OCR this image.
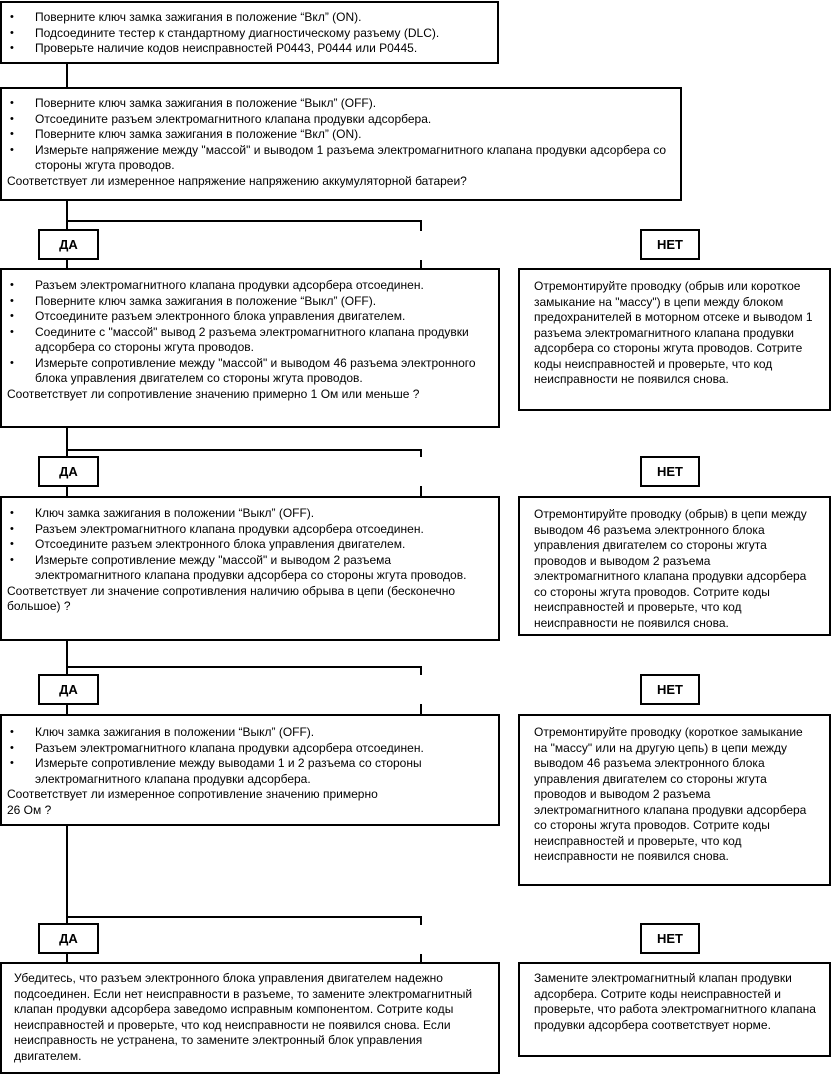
• Поверните ключ замка зажигания в положение “Вкл” (ON).
• Подсоедините тестер к стандартному диагностическому разъему (DLC).
• Проверьте наличие кодов неисправностей P0443, P0444 или P0445.
• Поверните ключ замка зажигания в положение “Выкл” (OFF).
• Отсоедините разъем электромагнитного клапана продувки адсорбера.
• Поверните ключ замка зажигания в положение “Вкл” (ON).
• Измерьте напряжение между "массой" и выводом 1 разъема электромагнитного клапана продувки адсорбера со стороны жгута проводов.
Соответствует ли измеренное напряжение напряжению аккумуляторной батареи?
ДА	НЕТ
• Разъем электромагнитного клапана продувки адсорбера отсоединен.
• Поверните ключ замка зажигания в положение “Выкл” (OFF).
• Отсоедините разъем электронного блока управления двигателем.
• Соедините с "массой" вывод 2 разъема электромагнитного клапана продувки адсорбера со стороны жгута проводов.
• Измерьте сопротивление между "массой" и выводом 46 разъема электронного блока управления двигателем со стороны жгута проводов.
Соответствует ли сопротивление значению примерно 1 Ом или меньше ?
Отремонтируйте проводку (обрыв или короткое замыкание на "массу") в цепи между блоком предохранителей в моторном отсеке и выводом 1 разъема электромагнитного клапана продувки адсорбера со стороны жгута проводов. Сотрите коды неисправностей и проверьте, что код неисправности не появился снова.
ДА	НЕТ
• Ключ замка зажигания в положении “Выкл” (OFF).
• Разъем электромагнитного клапана продувки адсорбера отсоединен.
• Отсоедините разъем электронного блока управления двигателем.
• Измерьте сопротивление между "массой" и выводом 2 разъема электромагнитного клапана продувки адсорбера со стороны жгута проводов.
Соответствует ли значение сопротивления наличию обрыва в цепи (бесконечно большое) ?
Отремонтируйте проводку (обрыв) в цепи между выводом 46 разъема электронного блока управления двигателем со стороны жгута проводов и выводом 2 разъема электромагнитного клапана продувки адсорбера со стороны жгута проводов. Сотрите коды неисправностей и проверьте, что код неисправности не появился снова.
ДА	НЕТ
• Ключ замка зажигания в положении “Выкл” (OFF).
• Разъем электромагнитного клапана продувки адсорбера отсоединен.
• Измерьте сопротивление между выводами 1 и 2 разъема со стороны электромагнитного клапана продувки адсорбера.
Соответствует ли измеренное сопротивление значению примерно 26 Ом ?
Отремонтируйте проводку (короткое замыкание на "массу" или на другую цепь) в цепи между выводом 46 разъема электронного блока управления двигателем со стороны жгута проводов и выводом 2 разъема электромагнитного клапана продувки адсорбера со стороны жгута проводов. Сотрите коды неисправностей и проверьте, что код неисправности не появился снова.
ДА	НЕТ
Убедитесь, что разъем электронного блока управления двигателем надежно подсоединен. Если нет неисправности в разъеме, то замените электромагнитный клапан продувки адсорбера заведомо исправным компонентом. Сотрите коды неисправностей и проверьте, что код неисправности не появился снова. Если неисправность не устранена, то замените электронный блок управления двигателем.
Замените электромагнитный клапан продувки адсорбера. Сотрите коды неисправностей и проверьте, что работа электромагнитного клапана продувки адсорбера соответствует норме.
